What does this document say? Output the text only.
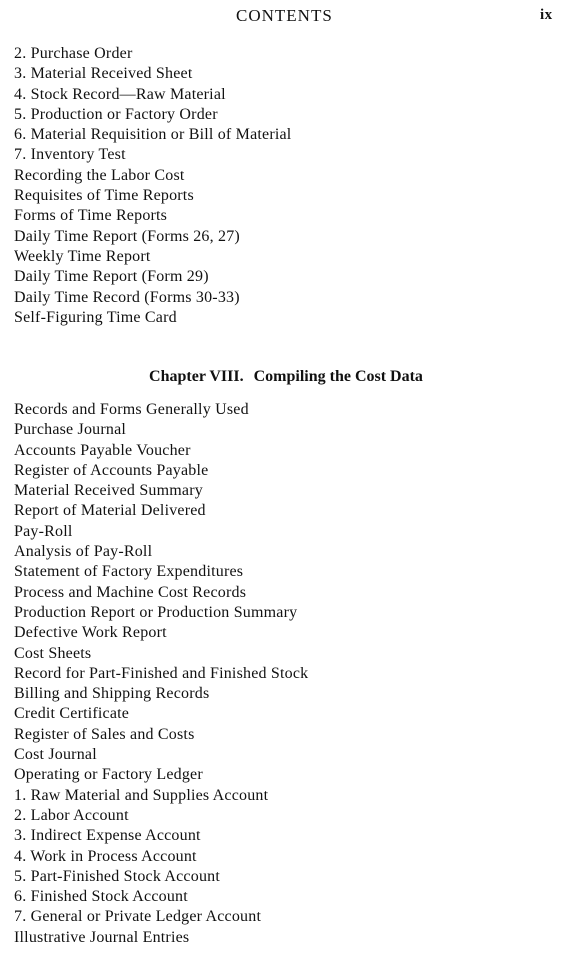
CONTENTS	ix
2. Purchase Order
3. Material Received Sheet
4. Stock Record—Raw Material
5. Production or Factory Order
6. Material Requisition or Bill of Material
7. Inventory Test
Recording the Labor Cost
Requisites of Time Reports
Forms of Time Reports
Daily Time Report (Forms 26, 27)
Weekly Time Report
Daily Time Report (Form 29)
Daily Time Record (Forms 30-33)
Self-Figuring Time Card
Chapter VIII. Compiling the Cost Data
Records and Forms Generally Used
Purchase Journal
Accounts Payable Voucher
Register of Accounts Payable
Material Received Summary
Report of Material Delivered
Pay-Roll
Analysis of Pay-Roll
Statement of Factory Expenditures
Process and Machine Cost Records
Production Report or Production Summary
Defective Work Report
Cost Sheets
Record for Part-Finished and Finished Stock
Billing and Shipping Records
Credit Certificate
Register of Sales and Costs
Cost Journal
Operating or Factory Ledger
1. Raw Material and Supplies Account
2. Labor Account
3. Indirect Expense Account
4. Work in Process Account
5. Part-Finished Stock Account
6. Finished Stock Account
7. General or Private Ledger Account
Illustrative Journal Entries
